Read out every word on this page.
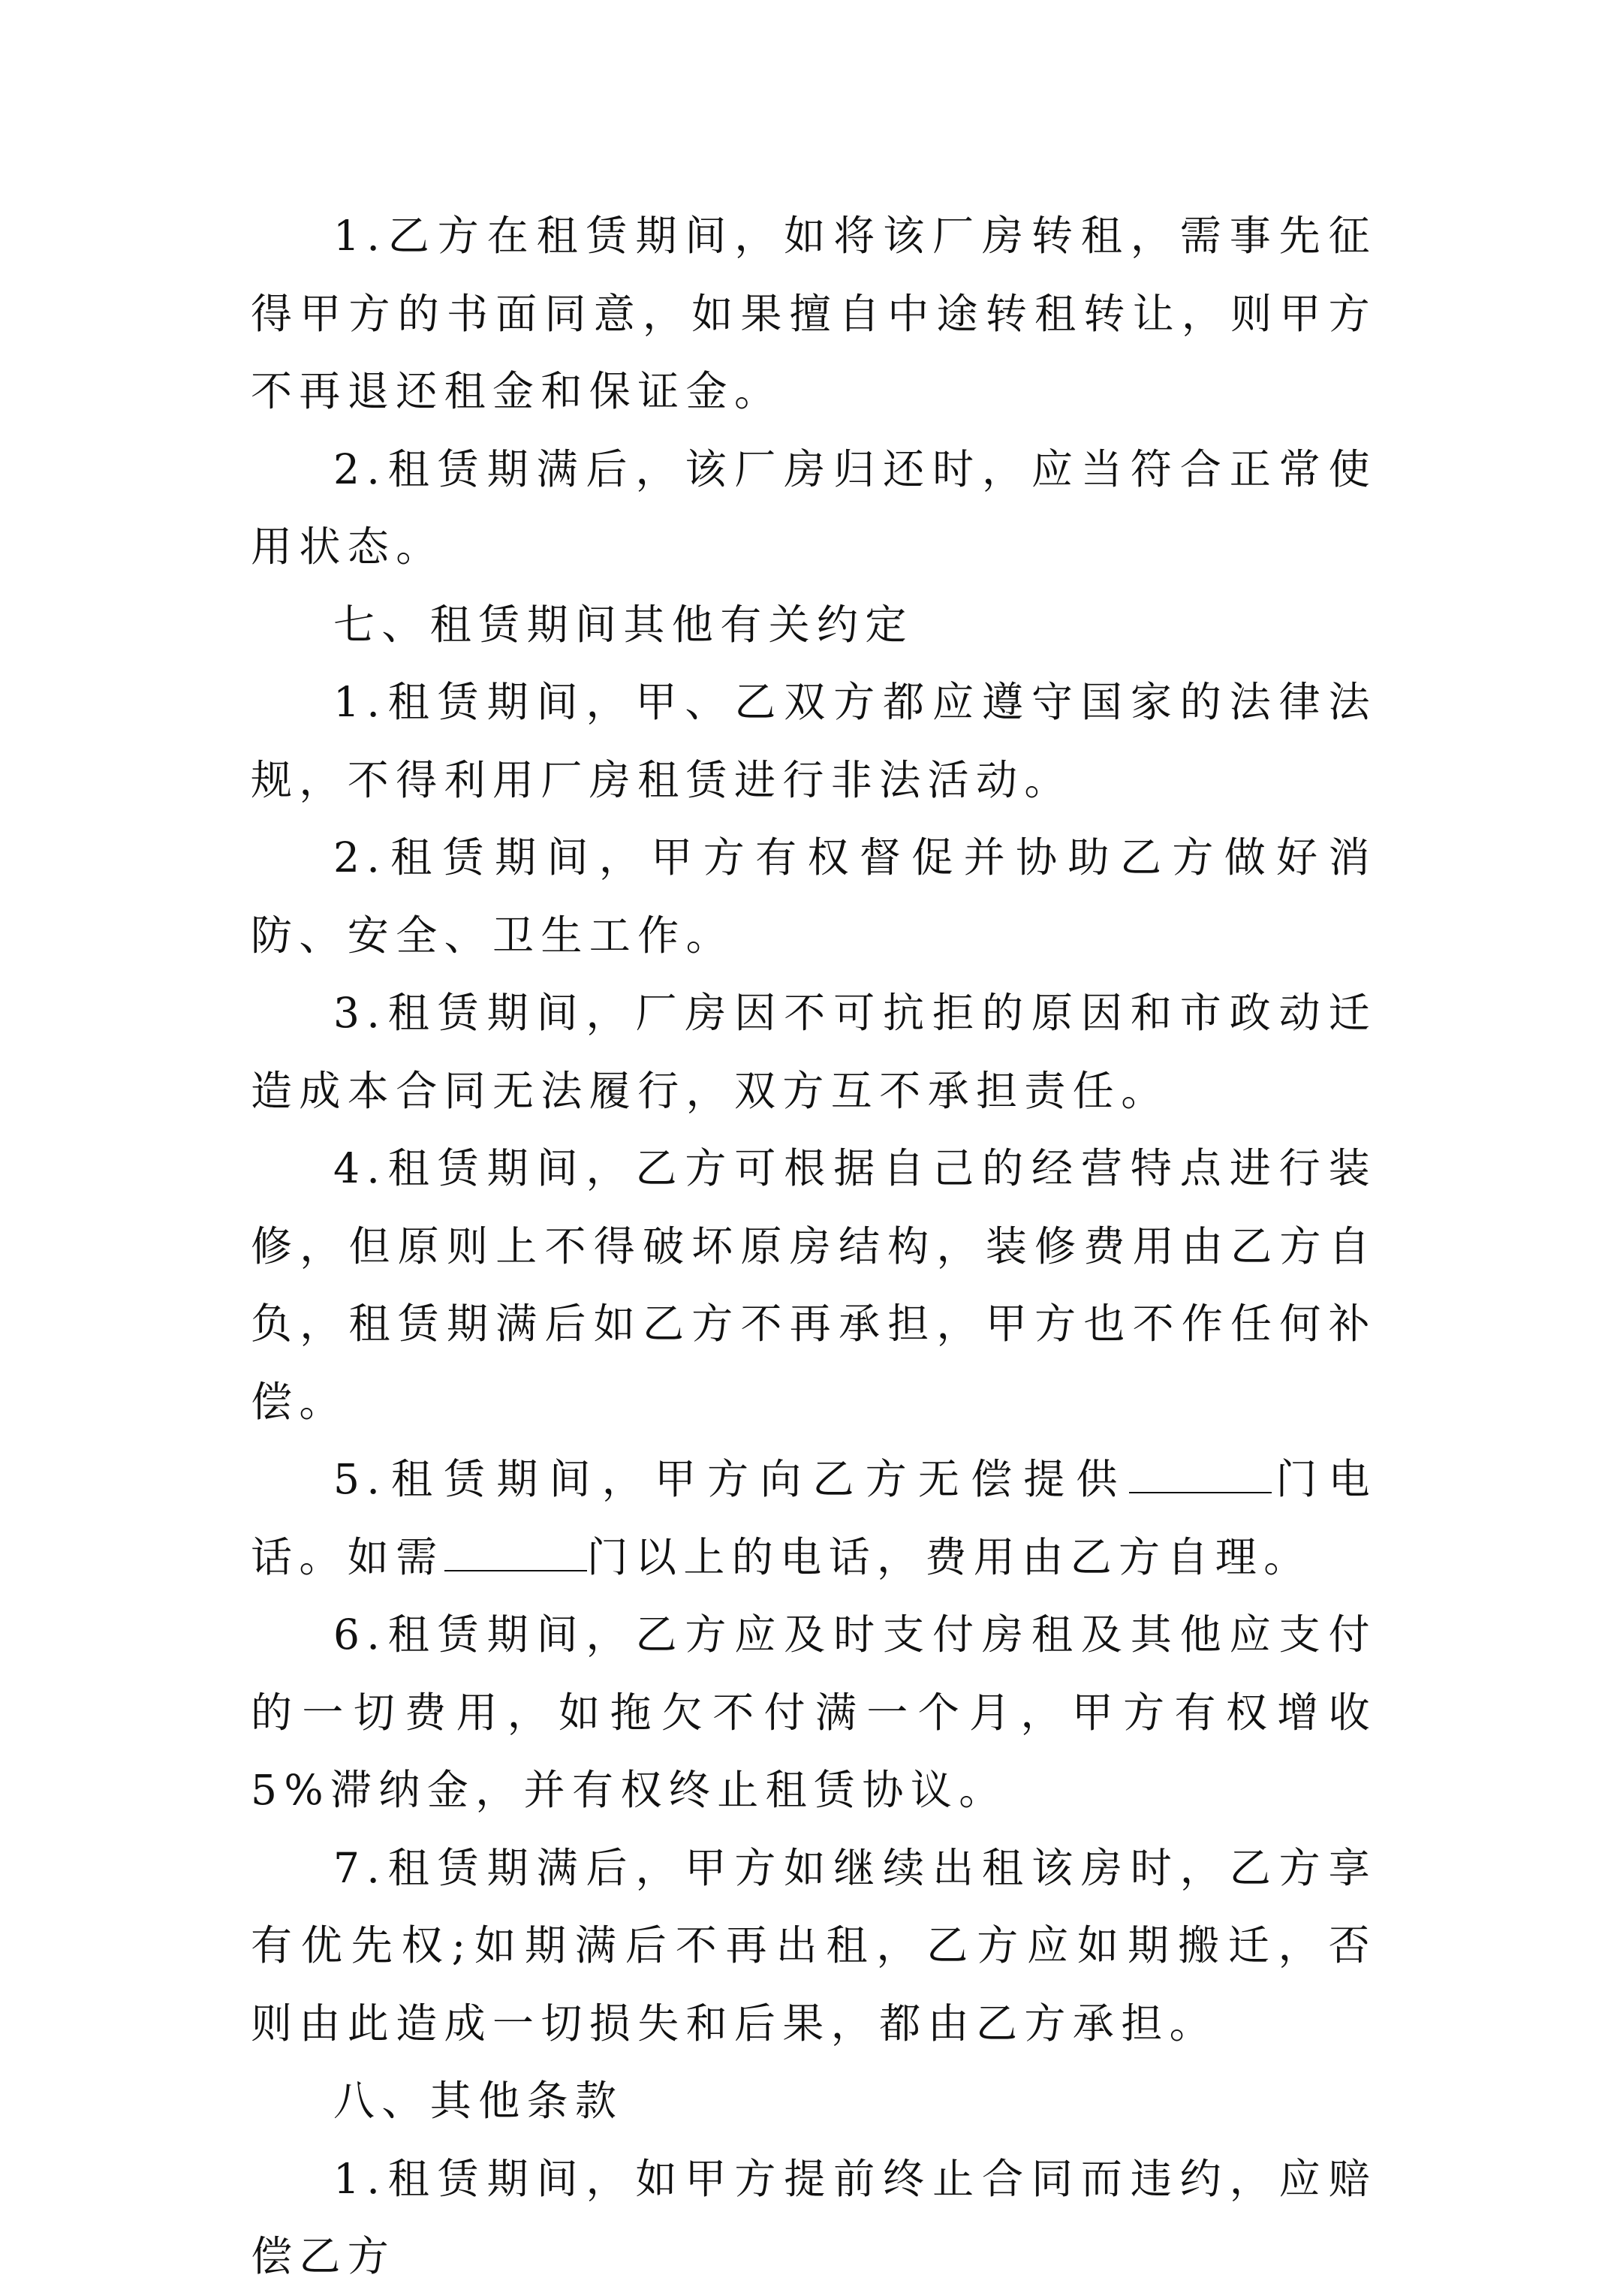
1.乙方在租赁期间，如将该厂房转租，需事先征得甲方的书面同意，如果擅自中途转租转让，则甲方不再退还租金和保证金。

2.租赁期满后，该厂房归还时，应当符合正常使用状态。

七、租赁期间其他有关约定

1.租赁期间，甲、乙双方都应遵守国家的法律法规，不得利用厂房租赁进行非法活动。

2.租赁期间，甲方有权督促并协助乙方做好消防、安全、卫生工作。

3.租赁期间，厂房因不可抗拒的原因和市政动迁造成本合同无法履行，双方互不承担责任。

4.租赁期间，乙方可根据自己的经营特点进行装修，但原则上不得破坏原房结构，装修费用由乙方自负，租赁期满后如乙方不再承担，甲方也不作任何补偿。

5.租赁期间，甲方向乙方无偿提供	门电话。如需	门以上的电话，费用由乙方自理。

6.租赁期间，乙方应及时支付房租及其他应支付的一切费用，如拖欠不付满一个月，甲方有权增收5%滞纳金，并有权终止租赁协议。

7.租赁期满后，甲方如继续出租该房时，乙方享有优先权;如期满后不再出租，乙方应如期搬迁，否则由此造成一切损失和后果，都由乙方承担。

八、其他条款

1.租赁期间，如甲方提前终止合同而违约，应赔偿乙方
